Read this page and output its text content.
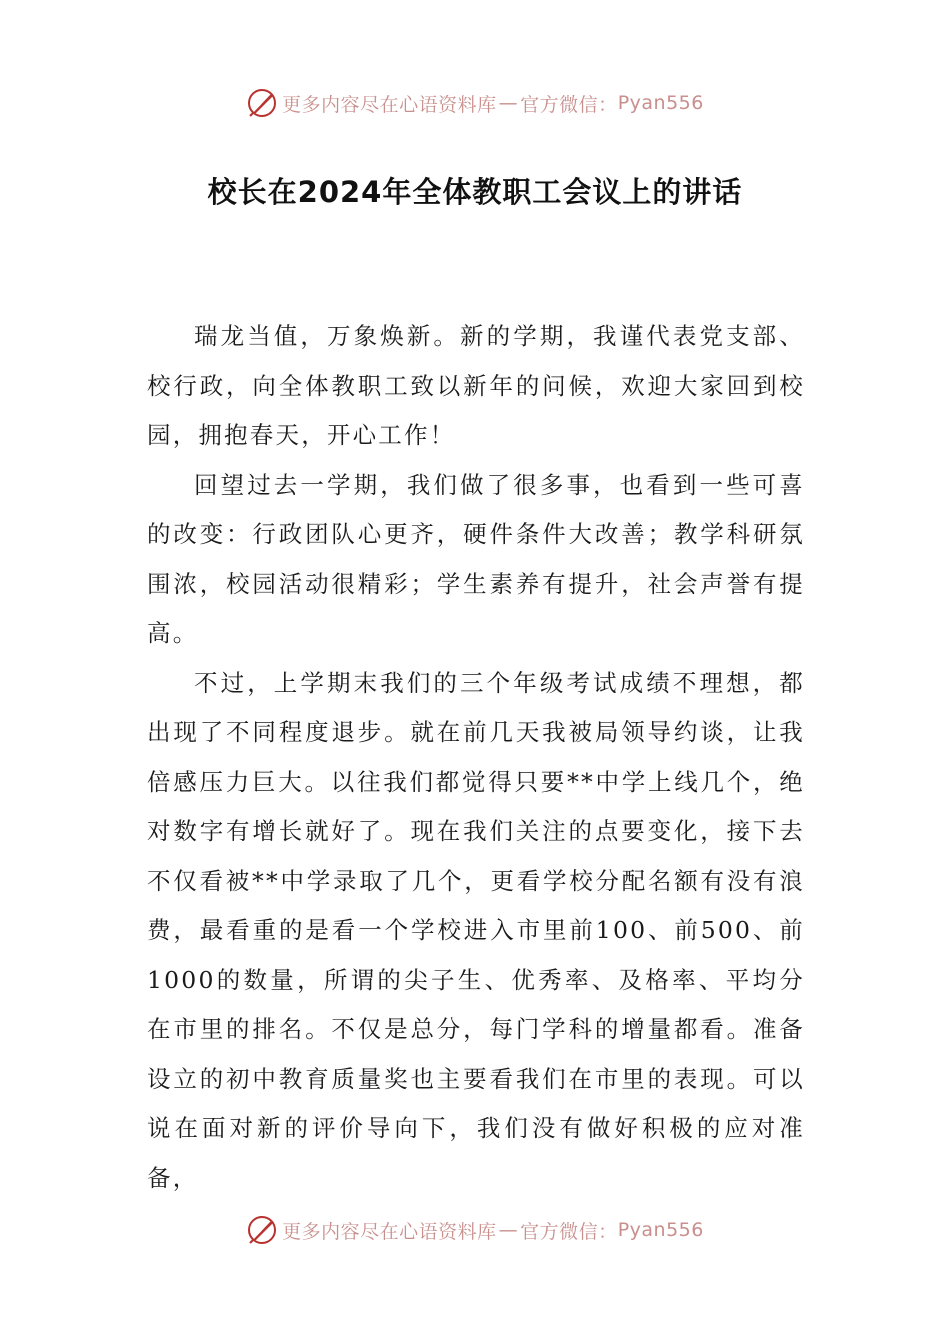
更多内容尽在心语资料库 — 官方微信： Pyan556
校长在2024年全体教职工会议上的讲话

瑞龙当值，万象焕新。新的学期，我谨代表党支部、校行政，向全体教职工致以新年的问候，欢迎大家回到校园，拥抱春天，开心工作！

回望过去一学期，我们做了很多事，也看到一些可喜的改变：行政团队心更齐，硬件条件大改善；教学科研氛围浓，校园活动很精彩；学生素养有提升，社会声誉有提高。

不过，上学期末我们的三个年级考试成绩不理想，都出现了不同程度退步。就在前几天我被局领导约谈，让我倍感压力巨大。以往我们都觉得只要**中学上线几个，绝对数字有增长就好了。现在我们关注的点要变化，接下去不仅看被**中学录取了几个，更看学校分配名额有没有浪费，最看重的是看一个学校进入市里前100、前500、前1000的数量，所谓的尖子生、优秀率、及格率、平均分在市里的排名。不仅是总分，每门学科的增量都看。准备设立的初中教育质量奖也主要看我们在市里的表现。可以说在面对新的评价导向下，我们没有做好积极的应对准备，

更多内容尽在心语资料库 — 官方微信： Pyan556
